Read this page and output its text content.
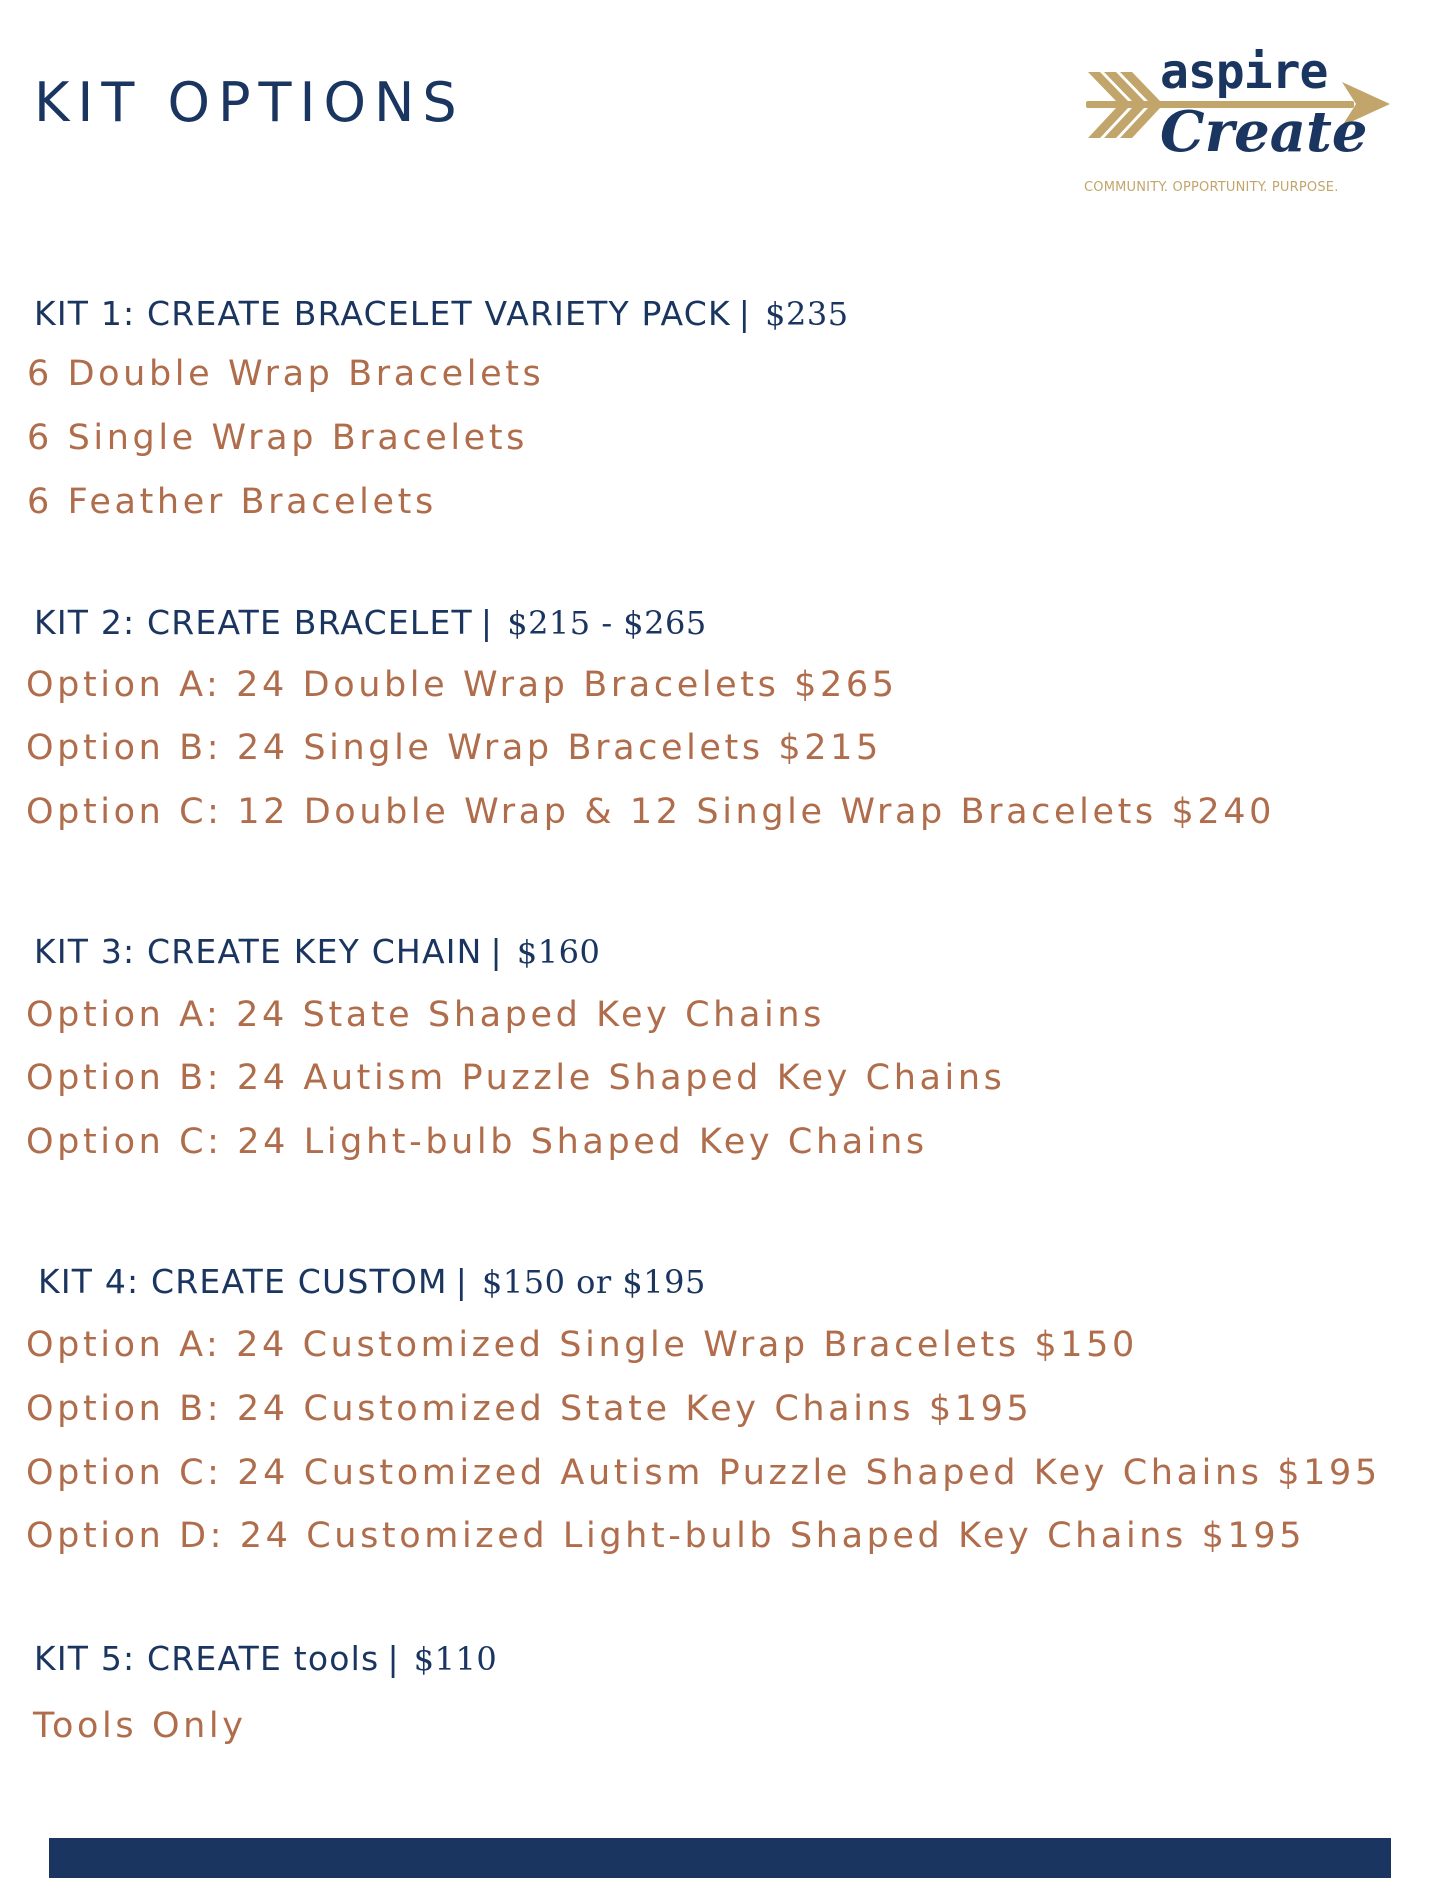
KIT OPTIONS	aspire
Create
COMMUNITY. OPPORTUNITY. PURPOSE.
KIT 1: CREATE BRACELET VARIETY PACK | $235

6 Double Wrap Bracelets

6 Single Wrap Bracelets

6 Feather Bracelets

KIT 2: CREATE BRACELET | $215 - $265

Option A: 24 Double Wrap Bracelets $265

Option B: 24 Single Wrap Bracelets $215

Option C: 12 Double Wrap & 12 Single Wrap Bracelets $240

KIT 3: CREATE KEY CHAIN | $160

Option A: 24 State Shaped Key Chains

Option B: 24 Autism Puzzle Shaped Key Chains

Option C: 24 Light-bulb Shaped Key Chains

KIT 4: CREATE CUSTOM | $150 or $195

Option A: 24 Customized Single Wrap Bracelets $150

Option B: 24 Customized State Key Chains $195

Option C: 24 Customized Autism Puzzle Shaped Key Chains $195

Option D: 24 Customized Light-bulb Shaped Key Chains $195

KIT 5: CREATE tools | $110

Tools Only
